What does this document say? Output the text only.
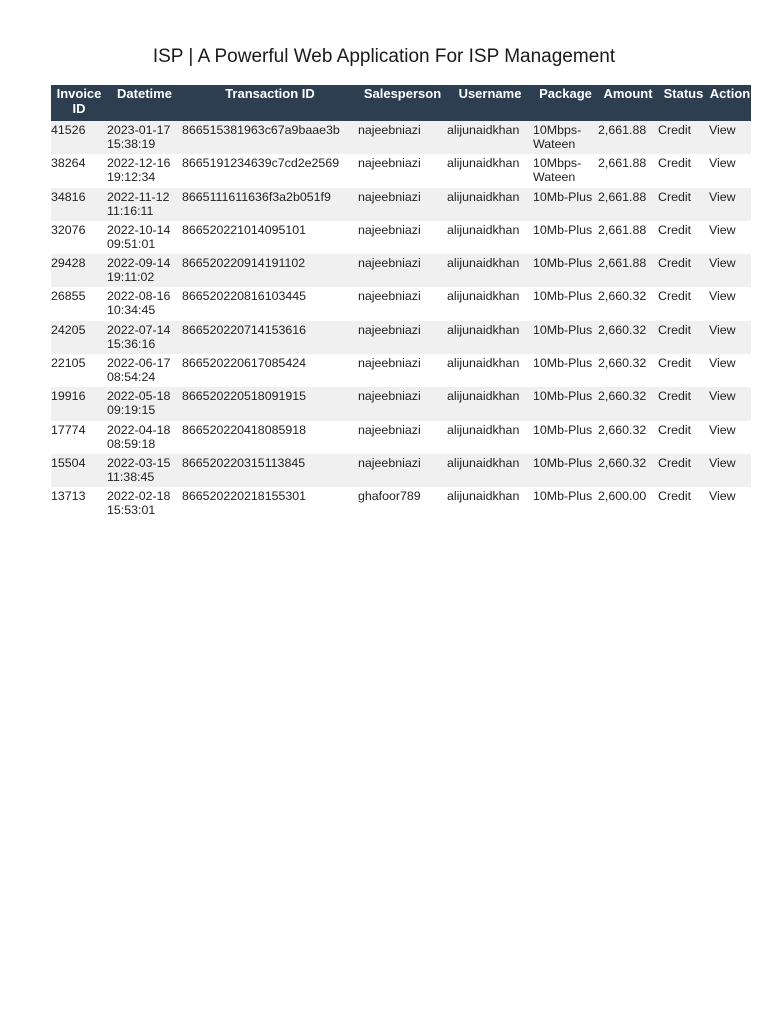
ISP | A Powerful Web Application For ISP Management
Invoice ID	Datetime	Transaction ID	Salesperson	Username	Package	Amount	Status	Action
41526	2023-01-17 15:38:19	866515381963c67a9baae3b	najeebniazi	alijunaidkhan	10Mbps-Wateen	2,661.88	Credit	View
38264	2022-12-16 19:12:34	8665191234639c7cd2e2569	najeebniazi	alijunaidkhan	10Mbps-Wateen	2,661.88	Credit	View
34816	2022-11-12 11:16:11	8665111611636f3a2b051f9	najeebniazi	alijunaidkhan	10Mb-Plus	2,661.88	Credit	View
32076	2022-10-14 09:51:01	866520221014095101	najeebniazi	alijunaidkhan	10Mb-Plus	2,661.88	Credit	View
29428	2022-09-14 19:11:02	866520220914191102	najeebniazi	alijunaidkhan	10Mb-Plus	2,661.88	Credit	View
26855	2022-08-16 10:34:45	866520220816103445	najeebniazi	alijunaidkhan	10Mb-Plus	2,660.32	Credit	View
24205	2022-07-14 15:36:16	866520220714153616	najeebniazi	alijunaidkhan	10Mb-Plus	2,660.32	Credit	View
22105	2022-06-17 08:54:24	866520220617085424	najeebniazi	alijunaidkhan	10Mb-Plus	2,660.32	Credit	View
19916	2022-05-18 09:19:15	866520220518091915	najeebniazi	alijunaidkhan	10Mb-Plus	2,660.32	Credit	View
17774	2022-04-18 08:59:18	866520220418085918	najeebniazi	alijunaidkhan	10Mb-Plus	2,660.32	Credit	View
15504	2022-03-15 11:38:45	866520220315113845	najeebniazi	alijunaidkhan	10Mb-Plus	2,660.32	Credit	View
13713	2022-02-18 15:53:01	866520220218155301	ghafoor789	alijunaidkhan	10Mb-Plus	2,600.00	Credit	View
